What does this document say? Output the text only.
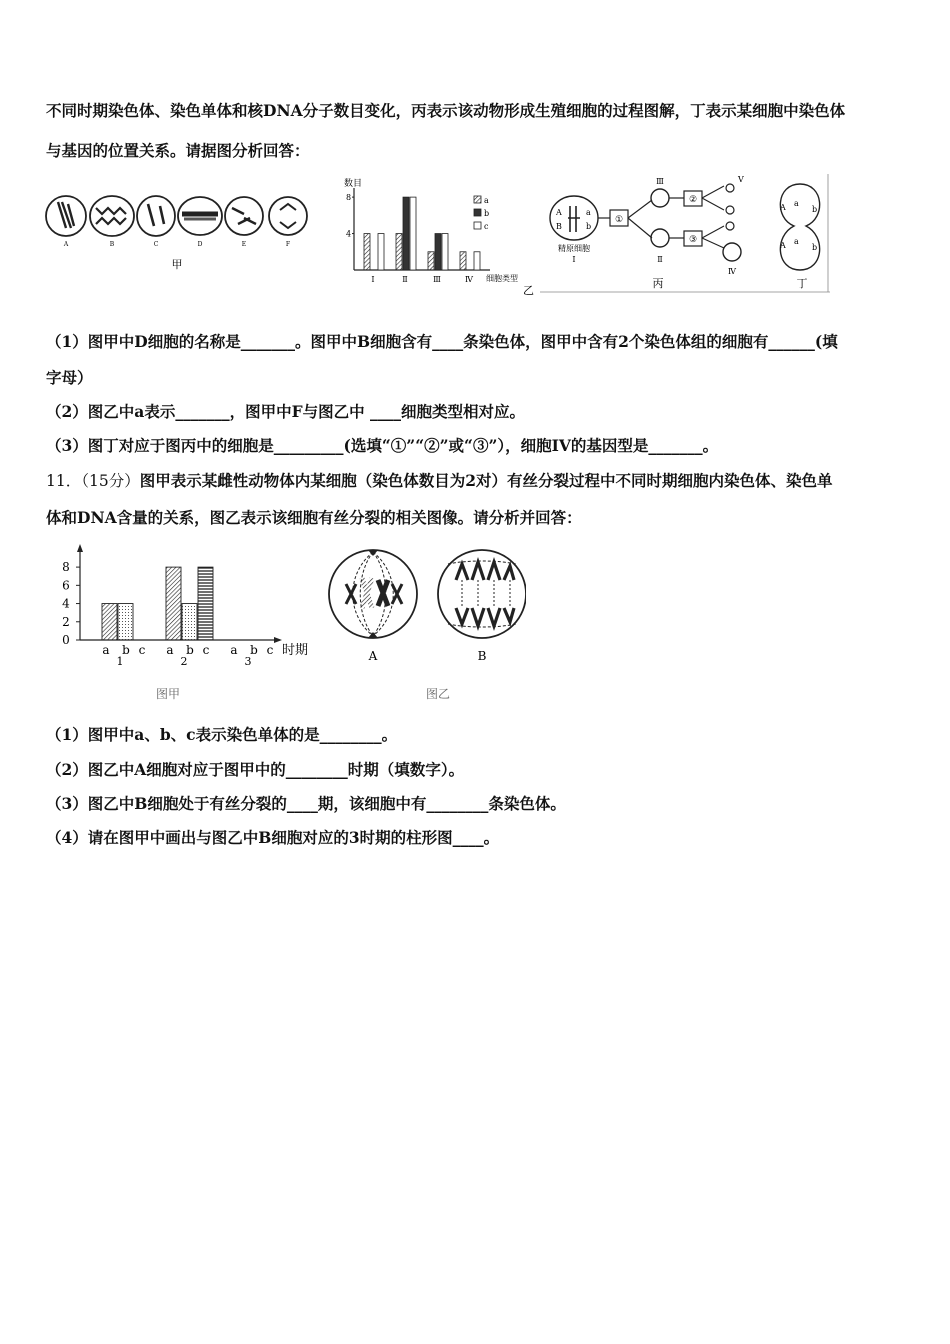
不同时期染色体、染色单体和核DNA分子数目变化，丙表示该动物形成生殖细胞的过程图解，丁表示某细胞中染色体
与基因的位置关系。请据图分析回答：
A	B	C	D	E	F
甲
数目
4
8
Ⅰ	Ⅱ	Ⅲ	Ⅳ
a
b
c
细胞类型
乙
A	a
B	b
精原细胞
Ⅰ
①
Ⅲ
Ⅱ
②
③
Ⅴ
Ⅳ
丙
A a
b
A a
b
丁
（1）图甲中D细胞的名称是_______。图甲中B细胞含有____条染色体，图甲中含有2个染色体组的细胞有______(填
字母）
（2）图乙中a表示_______，图甲中F与图乙中 ____细胞类型相对应。
（3）图丁对应于图丙中的细胞是_________(选填“①”“②”或“③”），细胞IV的基因型是_______。
11．（15分）图甲表示某雌性动物体内某细胞（染色体数目为2对）有丝分裂过程中不同时期细胞内染色体、染色单
体和DNA含量的关系，图乙表示该细胞有丝分裂的相关图像。请分析并回答：
0
2
4
6
8
a b c
1
a b c
2
a b c
3
时期
图甲
A	B
图乙
（1）图甲中a、b、c表示染色单体的是________。
（2）图乙中A细胞对应于图甲中的________时期（填数字）。
（3）图乙中B细胞处于有丝分裂的____期，该细胞中有________条染色体。
（4）请在图甲中画出与图乙中B细胞对应的3时期的柱形图____。
